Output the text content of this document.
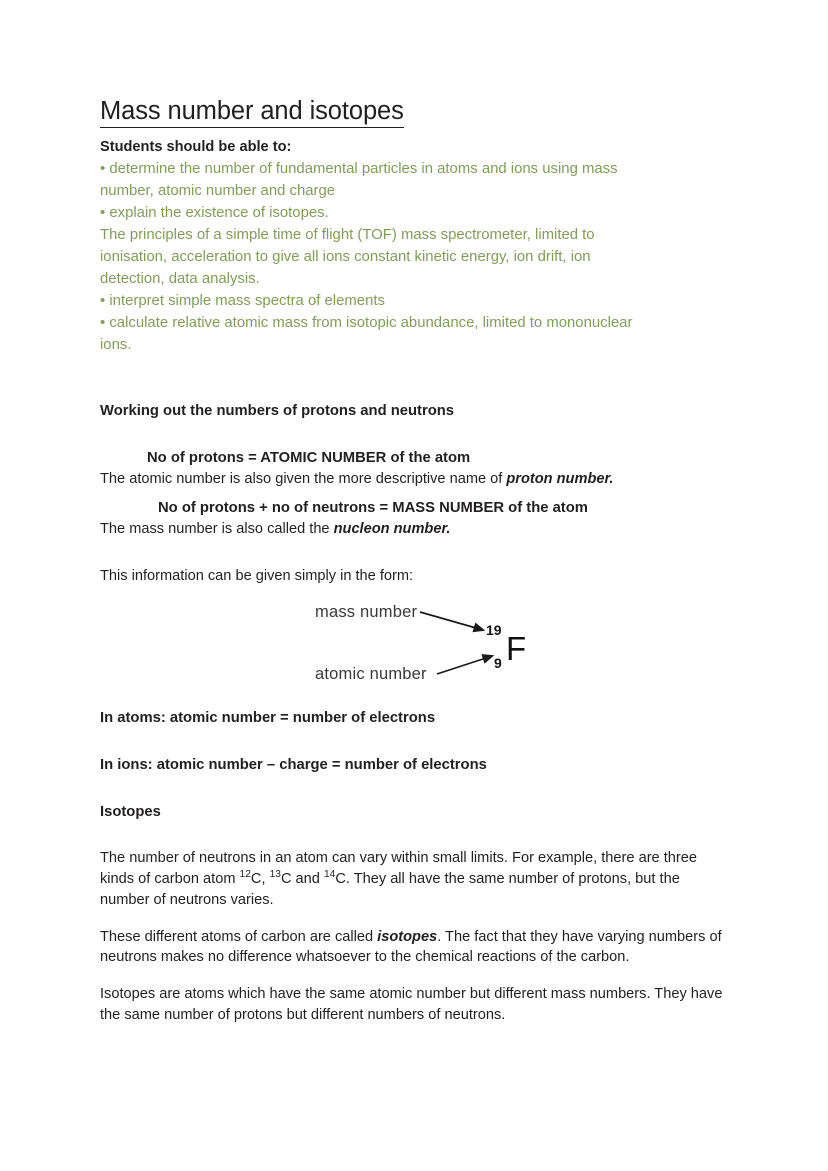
Mass number and isotopes

Students should be able to:

• determine the number of fundamental particles in atoms and ions using mass
number, atomic number and charge
• explain the existence of isotopes.
The principles of a simple time of flight (TOF) mass spectrometer, limited to
ionisation, acceleration to give all ions constant kinetic energy, ion drift, ion
detection, data analysis.
• interpret simple mass spectra of elements
• calculate relative atomic mass from isotopic abundance, limited to mononuclear
ions.

Working out the numbers of protons and neutrons

No of protons = ATOMIC NUMBER of the atom

The atomic number is also given the more descriptive name of proton number.

No of protons + no of neutrons = MASS NUMBER of the atom

The mass number is also called the nucleon number.

This information can be given simply in the form:

mass number
atomic number
19
9 F

In atoms: atomic number = number of electrons

In ions: atomic number – charge = number of electrons

Isotopes

The number of neutrons in an atom can vary within small limits. For example, there are three kinds of carbon atom $^{12}$C, $^{13}$C and $^{14}$C. They all have the same number of protons, but the number of neutrons varies.

These different atoms of carbon are called isotopes. The fact that they have varying numbers of neutrons makes no difference whatsoever to the chemical reactions of the carbon.

Isotopes are atoms which have the same atomic number but different mass numbers. They have the same number of protons but different numbers of neutrons.
